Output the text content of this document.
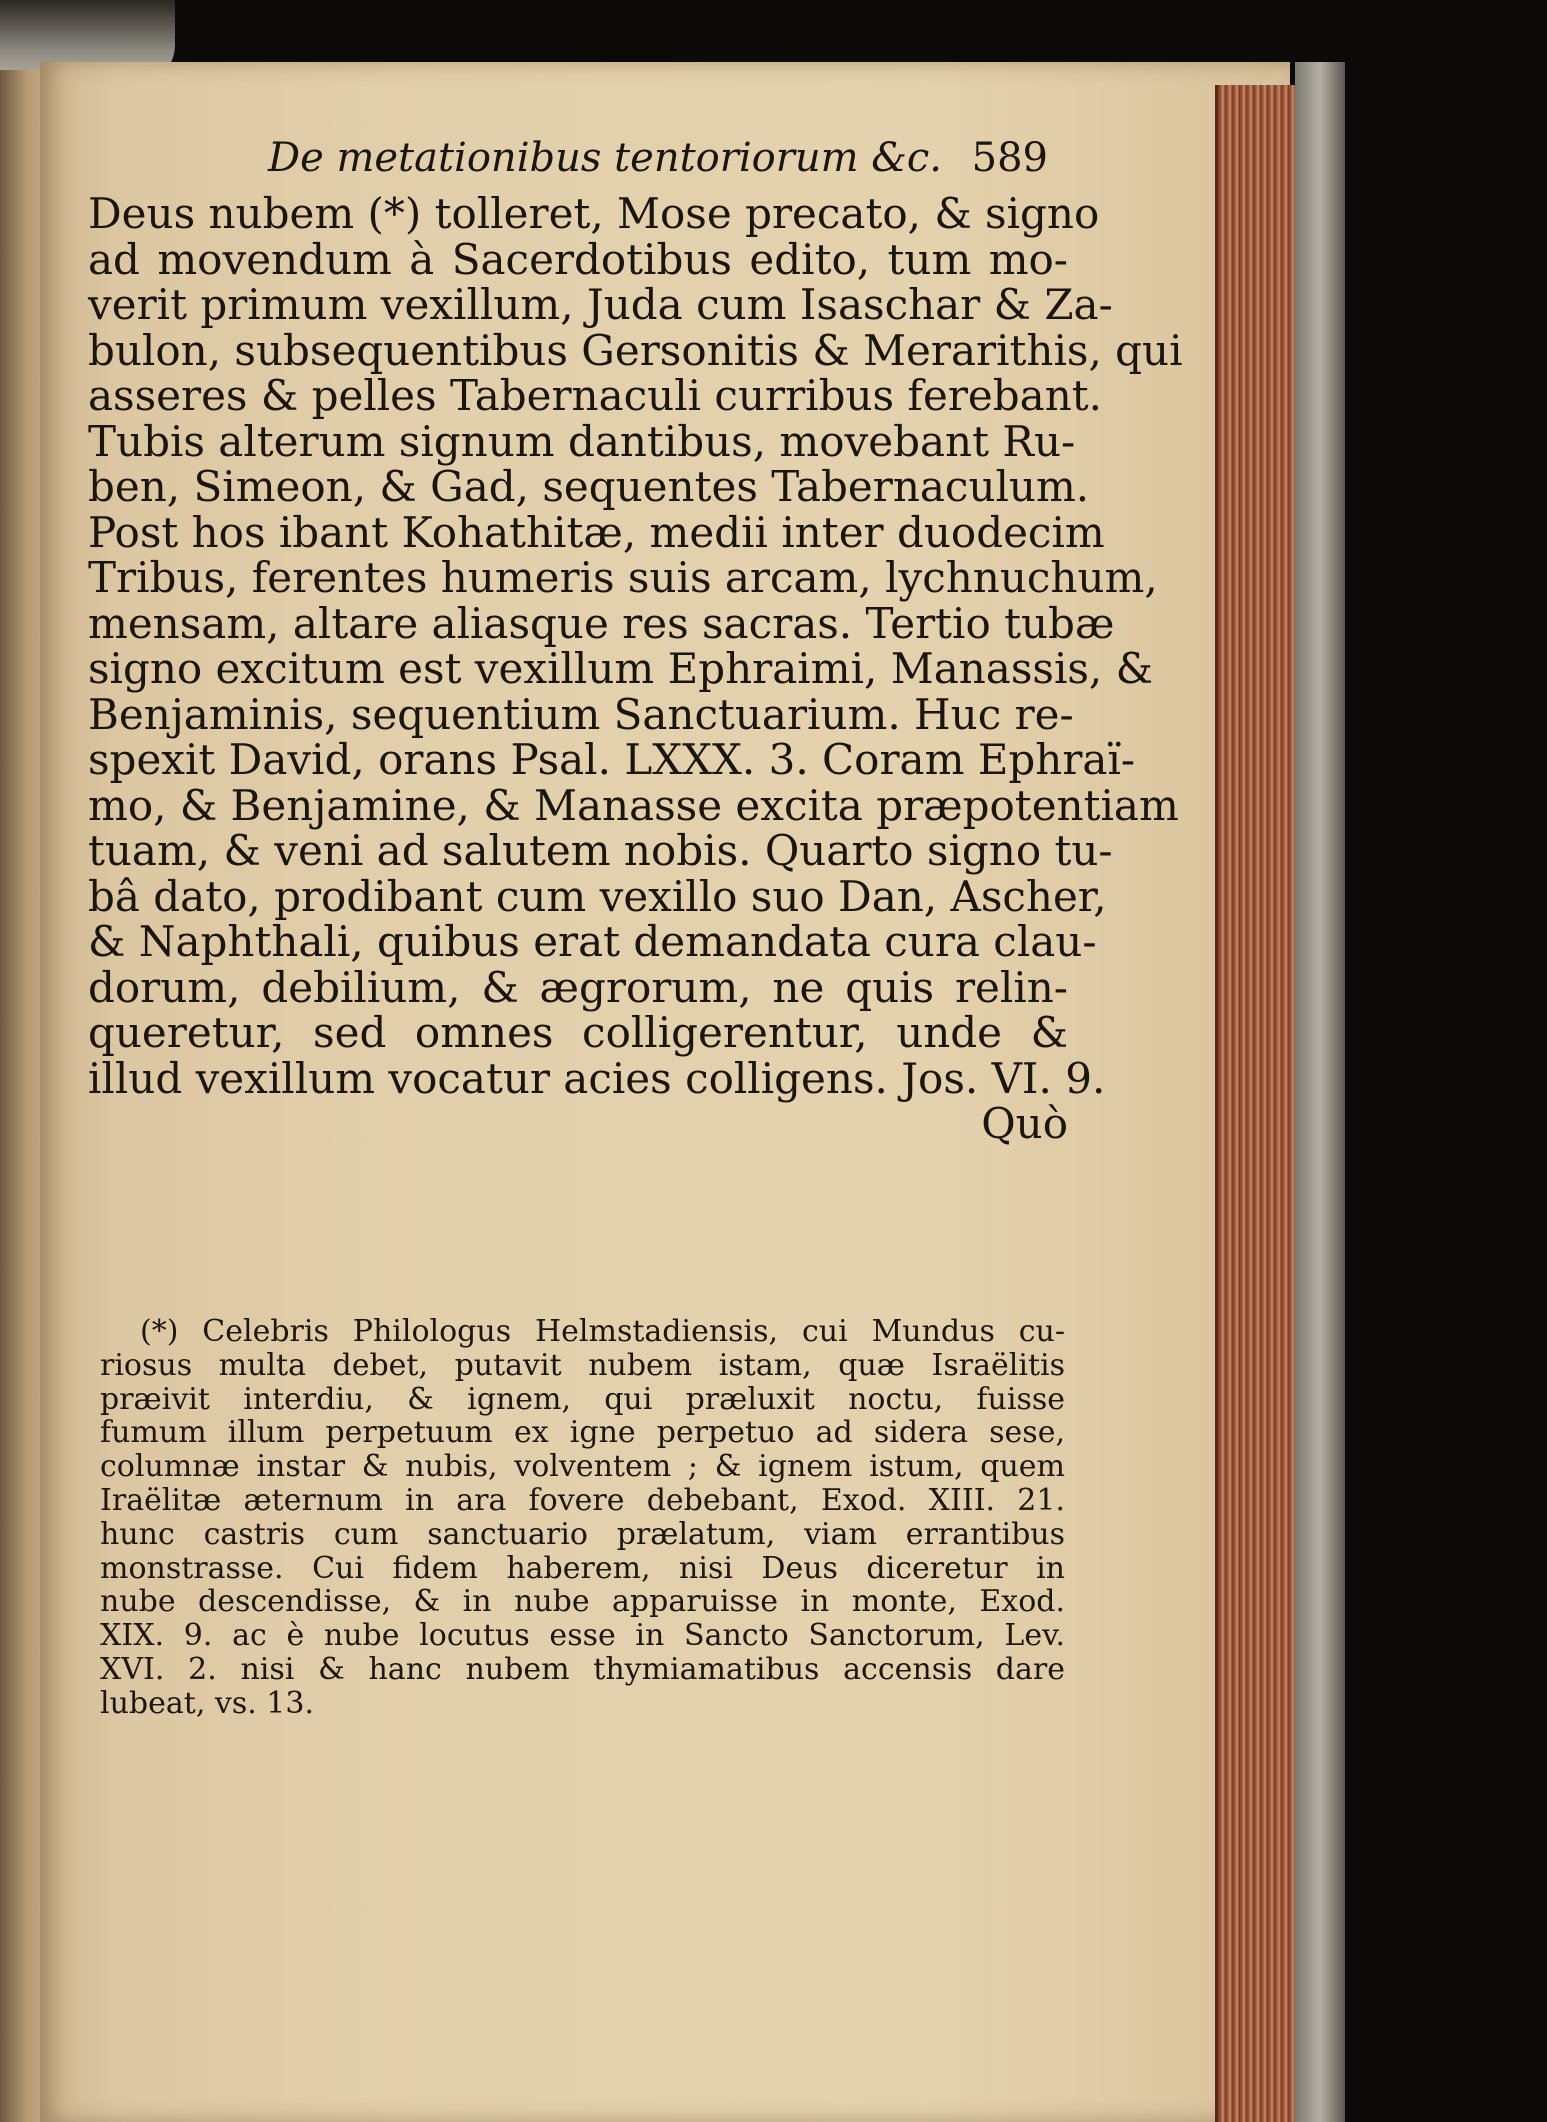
De metationibus tentoriorum &c. 589
Deus nubem (*) tolleret, Mose precato, & signo
ad movendum à Sacerdotibus edito, tum mo-
verit primum vexillum, Juda cum Isaschar & Za-
bulon, subsequentibus Gersonitis & Merarithis, qui
asseres & pelles Tabernaculi curribus ferebant.
Tubis alterum signum dantibus, movebant Ru-
ben, Simeon, & Gad, sequentes Tabernaculum.
Post hos ibant Kohathitæ, medii inter duodecim
Tribus, ferentes humeris suis arcam, lychnuchum,
mensam, altare aliasque res sacras. Tertio tubæ
signo excitum est vexillum Ephraimi, Manassis, &
Benjaminis, sequentium Sanctuarium. Huc re-
spexit David, orans Psal. LXXX. 3. Coram Ephraï-
mo, & Benjamine, & Manasse excita præpotentiam
tuam, & veni ad salutem nobis. Quarto signo tu-
bâ dato, prodibant cum vexillo suo Dan, Ascher,
& Naphthali, quibus erat demandata cura clau-
dorum, debilium, & ægrorum, ne quis relin-
queretur, sed omnes colligerentur, unde &
illud vexillum vocatur acies colligens. Jos. VI. 9.
Quò
(*) Celebris Philologus Helmstadiensis, cui Mundus cu-
riosus multa debet, putavit nubem istam, quæ Israëlitis
præivit interdiu, & ignem, qui præluxit noctu, fuisse
fumum illum perpetuum ex igne perpetuo ad sidera sese,
columnæ instar & nubis, volventem ; & ignem istum, quem
Iraëlitæ æternum in ara fovere debebant, Exod. XIII. 21.
hunc castris cum sanctuario prælatum, viam errantibus
monstrasse. Cui fidem haberem, nisi Deus diceretur in
nube descendisse, & in nube apparuisse in monte, Exod.
XIX. 9. ac è nube locutus esse in Sancto Sanctorum, Lev.
XVI. 2. nisi & hanc nubem thymiamatibus accensis dare
lubeat, vs. 13.
